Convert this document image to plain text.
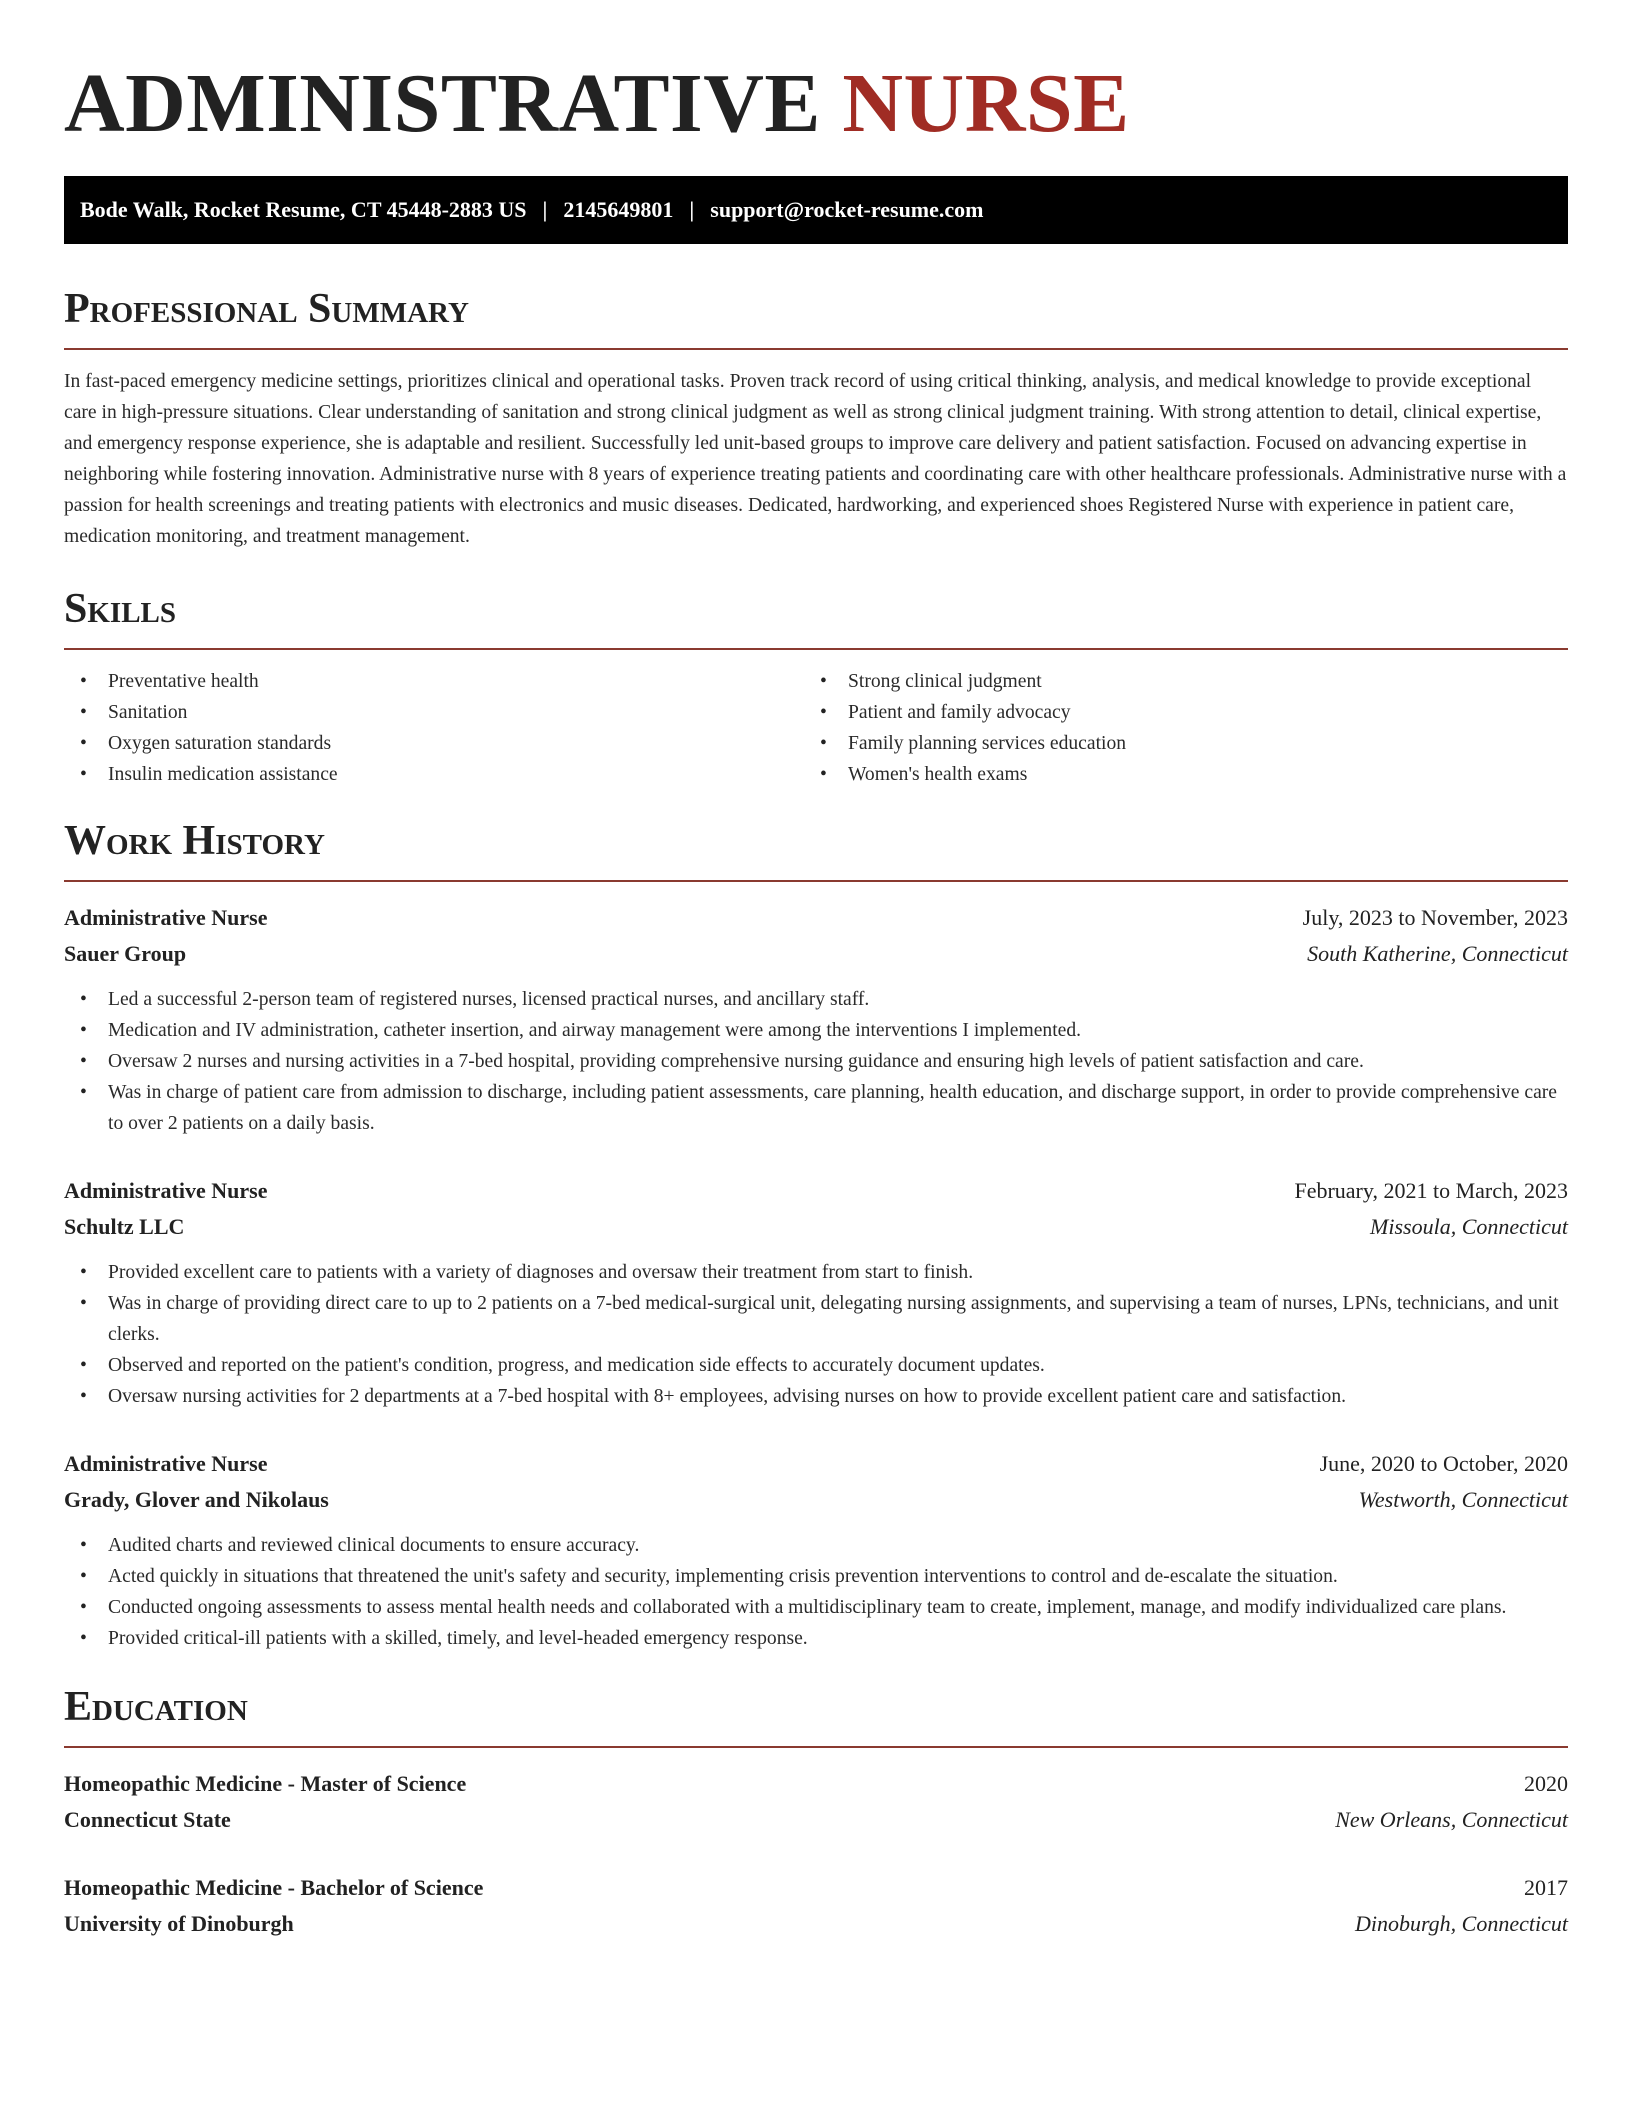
ADMINISTRATIVE NURSE
Bode Walk, Rocket Resume, CT 45448-2883 US | 2145649801 | support@rocket-resume.com
Professional Summary

In fast-paced emergency medicine settings, prioritizes clinical and operational tasks. Proven track record of using critical thinking, analysis, and medical knowledge to provide exceptional care in high-pressure situations. Clear understanding of sanitation and strong clinical judgment as well as strong clinical judgment training. With strong attention to detail, clinical expertise, and emergency response experience, she is adaptable and resilient. Successfully led unit-based groups to improve care delivery and patient satisfaction. Focused on advancing expertise in neighboring while fostering innovation. Administrative nurse with 8 years of experience treating patients and coordinating care with other healthcare professionals. Administrative nurse with a passion for health screenings and treating patients with electronics and music diseases. Dedicated, hardworking, and experienced shoes Registered Nurse with experience in patient care, medication monitoring, and treatment management.

Skills
• Preventative health
• Sanitation
• Oxygen saturation standards
• Insulin medication assistance
• Strong clinical judgment
• Patient and family advocacy
• Family planning services education
• Women's health exams
Work History
Administrative Nurse	July, 2023 to November, 2023
Sauer Group	South Katherine, Connecticut
• Led a successful 2-person team of registered nurses, licensed practical nurses, and ancillary staff.
• Medication and IV administration, catheter insertion, and airway management were among the interventions I implemented.
• Oversaw 2 nurses and nursing activities in a 7-bed hospital, providing comprehensive nursing guidance and ensuring high levels of patient satisfaction and care.
• Was in charge of patient care from admission to discharge, including patient assessments, care planning, health education, and discharge support, in order to provide comprehensive care to over 2 patients on a daily basis.
Administrative Nurse	February, 2021 to March, 2023
Schultz LLC	Missoula, Connecticut
• Provided excellent care to patients with a variety of diagnoses and oversaw their treatment from start to finish.
• Was in charge of providing direct care to up to 2 patients on a 7-bed medical-surgical unit, delegating nursing assignments, and supervising a team of nurses, LPNs, technicians, and unit clerks.
• Observed and reported on the patient's condition, progress, and medication side effects to accurately document updates.
• Oversaw nursing activities for 2 departments at a 7-bed hospital with 8+ employees, advising nurses on how to provide excellent patient care and satisfaction.
Administrative Nurse	June, 2020 to October, 2020
Grady, Glover and Nikolaus	Westworth, Connecticut
• Audited charts and reviewed clinical documents to ensure accuracy.
• Acted quickly in situations that threatened the unit's safety and security, implementing crisis prevention interventions to control and de-escalate the situation.
• Conducted ongoing assessments to assess mental health needs and collaborated with a multidisciplinary team to create, implement, manage, and modify individualized care plans.
• Provided critical-ill patients with a skilled, timely, and level-headed emergency response.
Education
Homeopathic Medicine - Master of Science	2020
Connecticut State	New Orleans, Connecticut
Homeopathic Medicine - Bachelor of Science	2017
University of Dinoburgh	Dinoburgh, Connecticut
